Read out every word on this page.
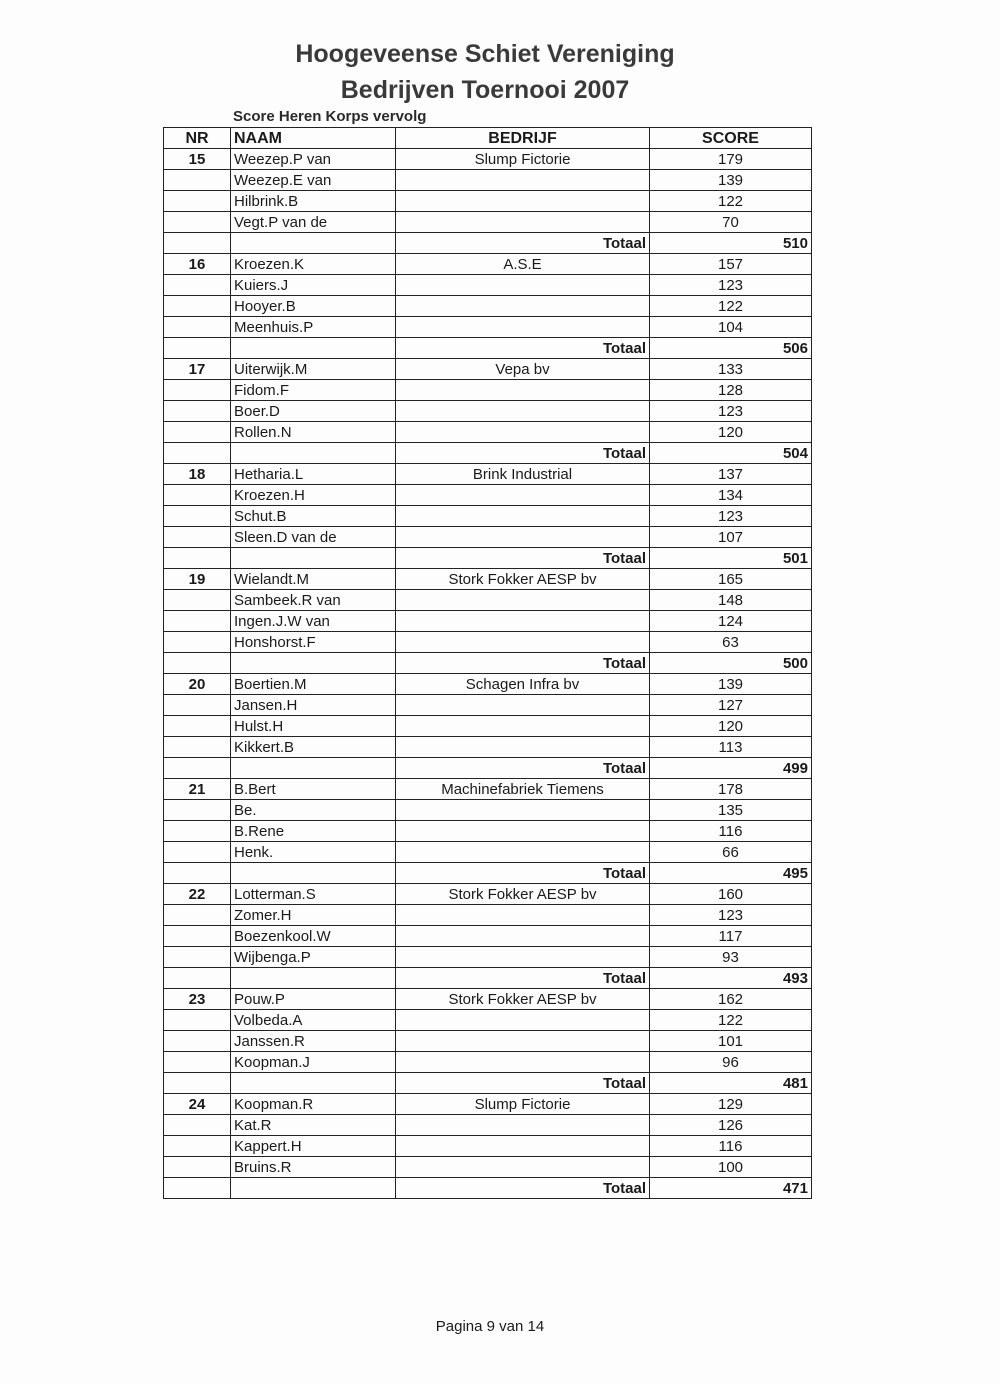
Hoogeveense Schiet Vereniging
Bedrijven Toernooi 2007
Score Heren Korps vervolg
NR	NAAM	BEDRIJF	SCORE
15	Weezep.P van	Slump Fictorie	179
	Weezep.E van		139
	Hilbrink.B		122
	Vegt.P van de		70
		Totaal	510
16	Kroezen.K	A.S.E	157
	Kuiers.J		123
	Hooyer.B		122
	Meenhuis.P		104
		Totaal	506
17	Uiterwijk.M	Vepa bv	133
	Fidom.F		128
	Boer.D		123
	Rollen.N		120
		Totaal	504
18	Hetharia.L	Brink Industrial	137
	Kroezen.H		134
	Schut.B		123
	Sleen.D van de		107
		Totaal	501
19	Wielandt.M	Stork Fokker AESP bv	165
	Sambeek.R van		148
	Ingen.J.W van		124
	Honshorst.F		63
		Totaal	500
20	Boertien.M	Schagen Infra bv	139
	Jansen.H		127
	Hulst.H		120
	Kikkert.B		113
		Totaal	499
21	B.Bert	Machinefabriek Tiemens	178
	Be.		135
	B.Rene		116
	Henk.		66
		Totaal	495
22	Lotterman.S	Stork Fokker AESP bv	160
	Zomer.H		123
	Boezenkool.W		117
	Wijbenga.P		93
		Totaal	493
23	Pouw.P	Stork Fokker AESP bv	162
	Volbeda.A		122
	Janssen.R		101
	Koopman.J		96
		Totaal	481
24	Koopman.R	Slump Fictorie	129
	Kat.R		126
	Kappert.H		116
	Bruins.R		100
		Totaal	471
Pagina 9 van 14
